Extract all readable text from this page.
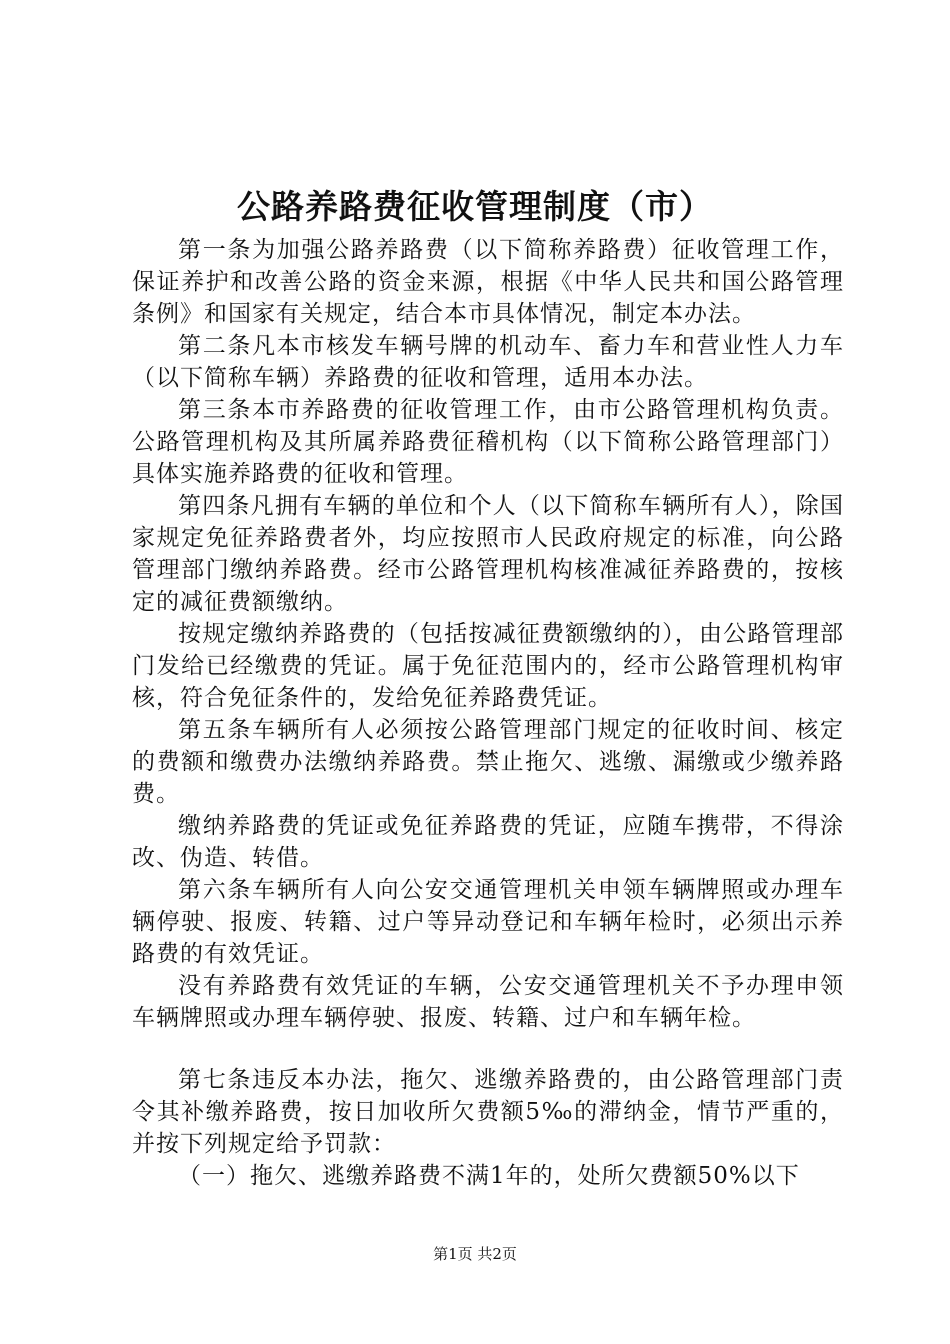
公路养路费征收管理制度（市）

第一条为加强公路养路费（以下简称养路费）征收管理工作，保证养护和改善公路的资金来源，根据《中华人民共和国公路管理条例》和国家有关规定，结合本市具体情况，制定本办法。

第二条凡本市核发车辆号牌的机动车、畜力车和营业性人力车（以下简称车辆）养路费的征收和管理，适用本办法。

第三条本市养路费的征收管理工作，由市公路管理机构负责。公路管理机构及其所属养路费征稽机构（以下简称公路管理部门）具体实施养路费的征收和管理。

第四条凡拥有车辆的单位和个人（以下简称车辆所有人），除国家规定免征养路费者外，均应按照市人民政府规定的标准，向公路管理部门缴纳养路费。经市公路管理机构核准减征养路费的，按核定的减征费额缴纳。

按规定缴纳养路费的（包括按减征费额缴纳的），由公路管理部门发给已经缴费的凭证。属于免征范围内的，经市公路管理机构审核，符合免征条件的，发给免征养路费凭证。

第五条车辆所有人必须按公路管理部门规定的征收时间、核定的费额和缴费办法缴纳养路费。禁止拖欠、逃缴、漏缴或少缴养路费。

缴纳养路费的凭证或免征养路费的凭证，应随车携带，不得涂改、伪造、转借。

第六条车辆所有人向公安交通管理机关申领车辆牌照或办理车辆停驶、报废、转籍、过户等异动登记和车辆年检时，必须出示养路费的有效凭证。

没有养路费有效凭证的车辆，公安交通管理机关不予办理申领车辆牌照或办理车辆停驶、报废、转籍、过户和车辆年检。

第七条违反本办法，拖欠、逃缴养路费的，由公路管理部门责令其补缴养路费，按日加收所欠费额5‰的滞纳金，情节严重的，并按下列规定给予罚款：

（一）拖欠、逃缴养路费不满1年的，处所欠费额50%以下

第1页 共2页
